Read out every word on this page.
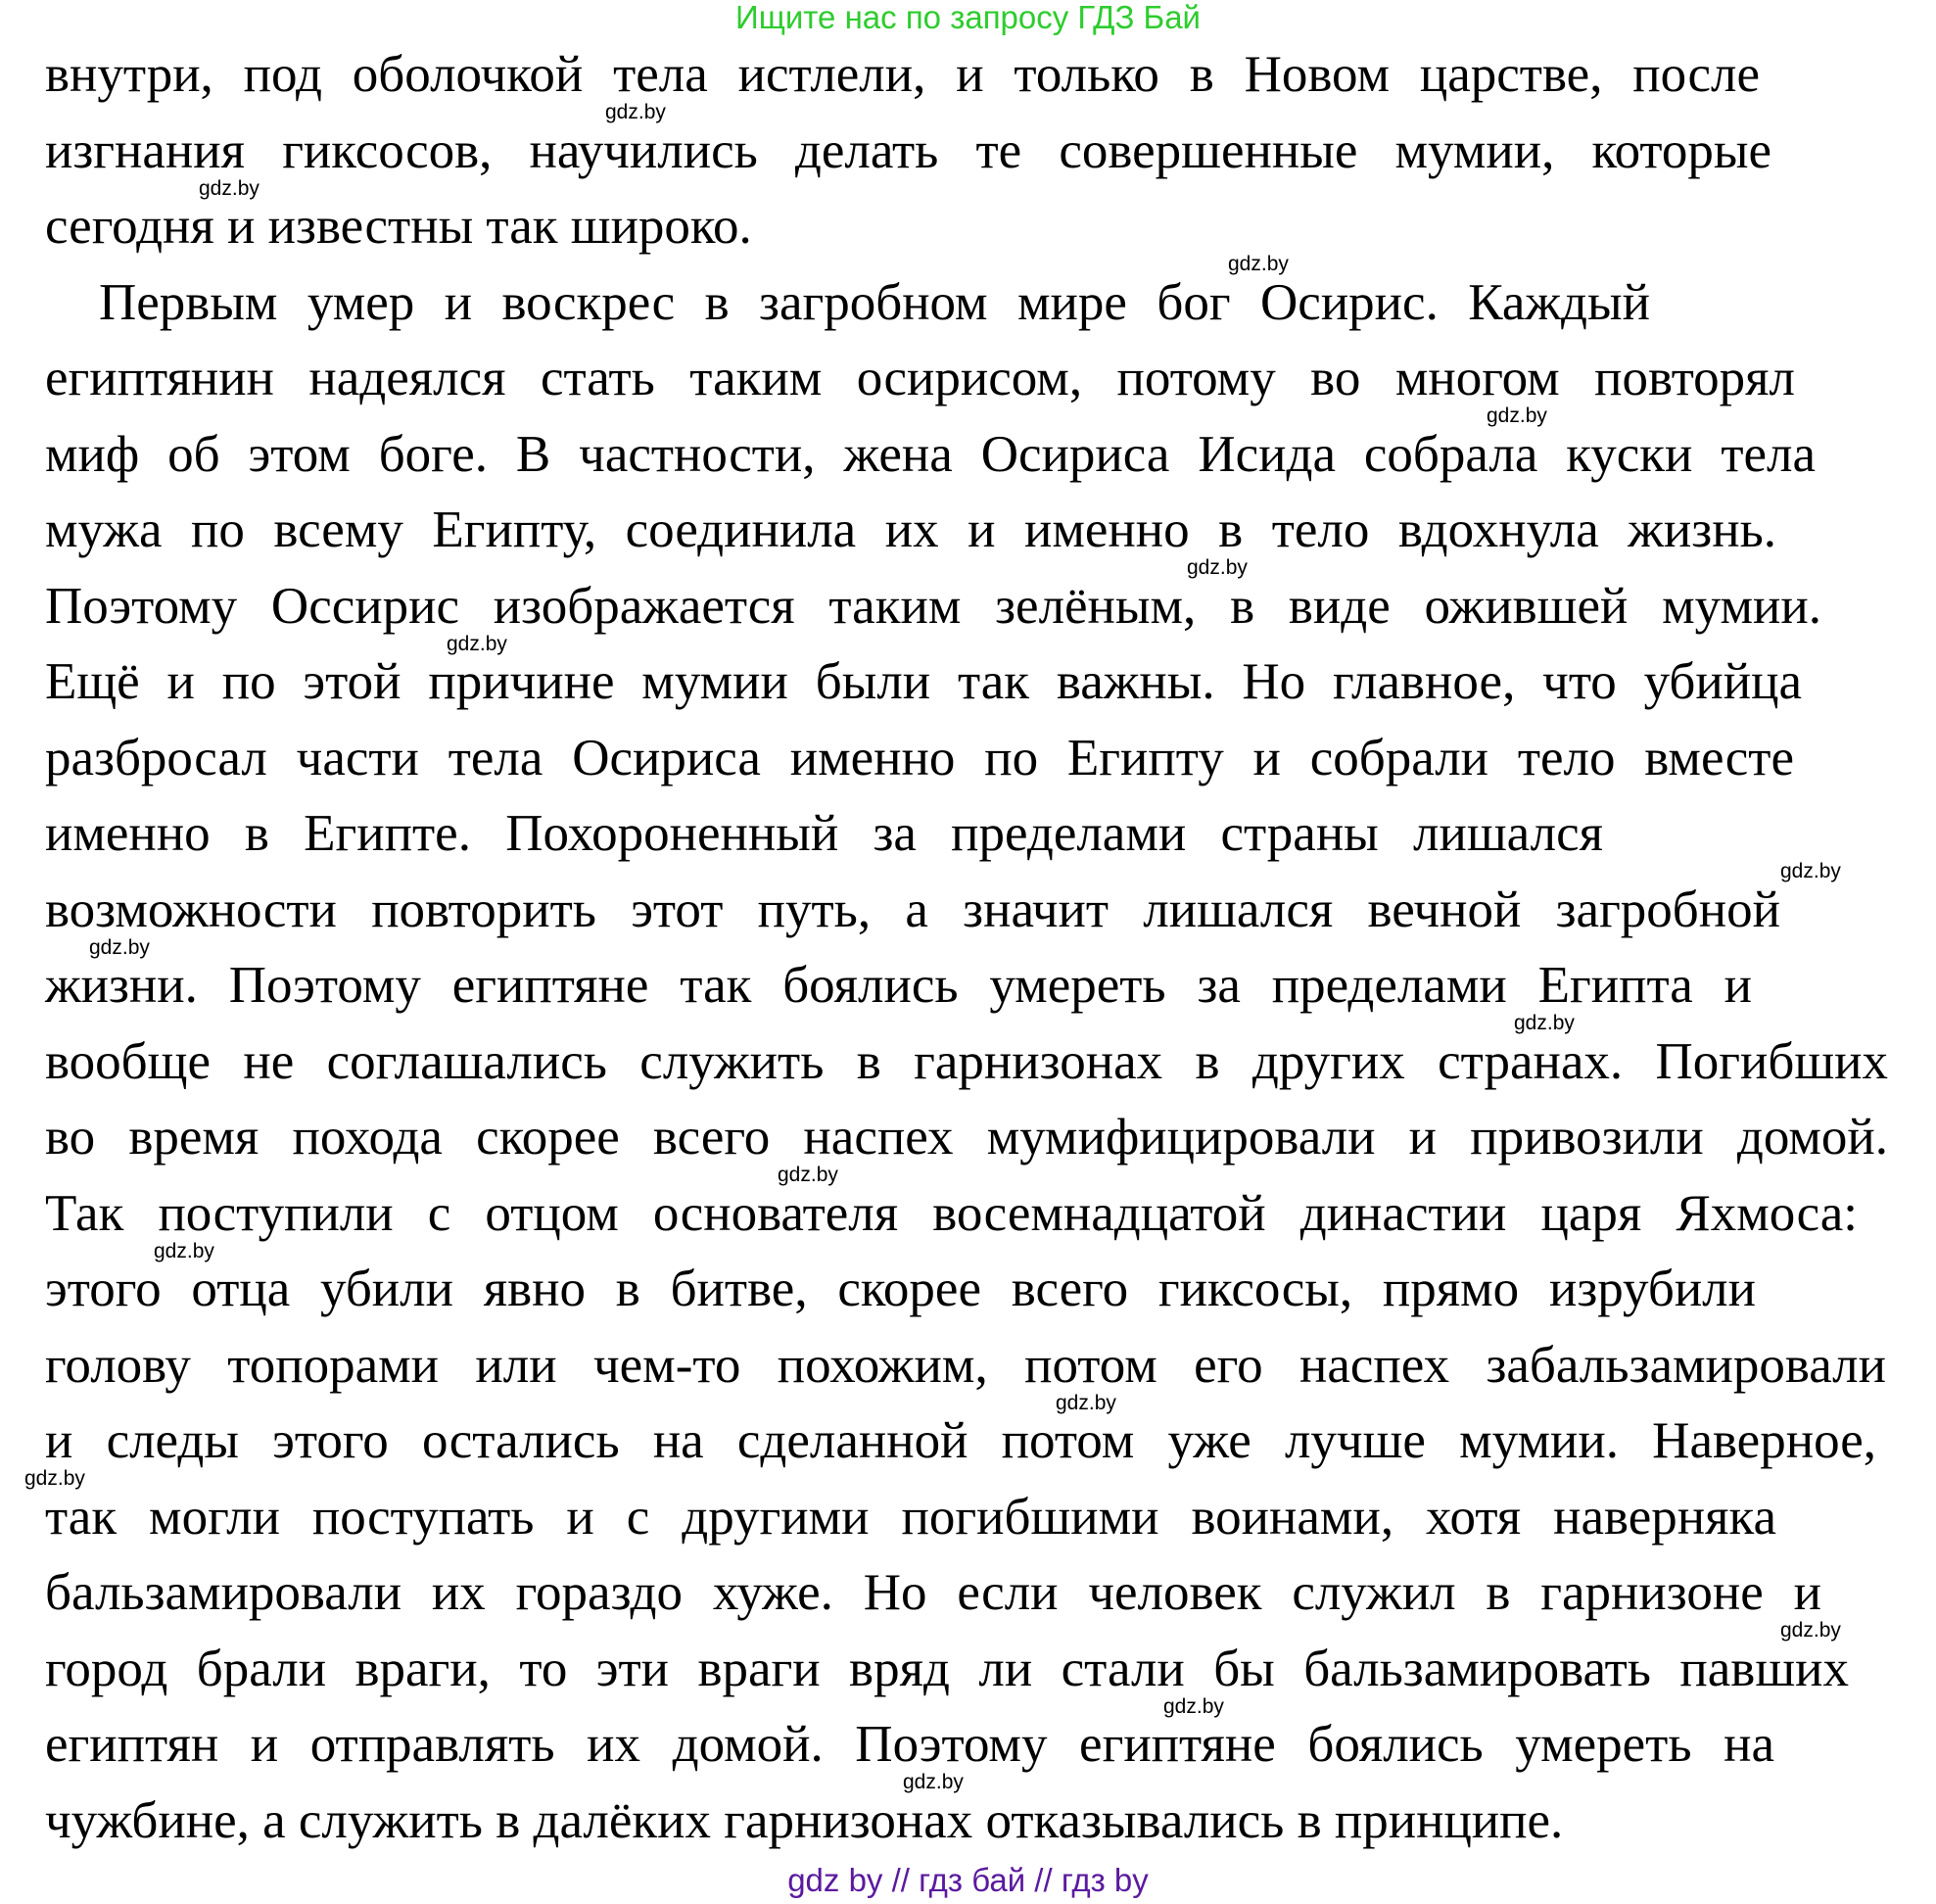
Ищите нас по запросу ГДЗ Бай
внутри, под оболочкой тела истлели, и только в Новом царстве, после
изгнания гиксосов, научились делать те совершенные мумии, которые
сегодня и известны так широко.
Первым умер и воскрес в загробном мире бог Осирис. Каждый
египтянин надеялся стать таким осирисом, потому во многом повторял
миф об этом боге. В частности, жена Осириса Исида собрала куски тела
мужа по всему Египту, соединила их и именно в тело вдохнула жизнь.
Поэтому Оссирис изображается таким зелёным, в виде ожившей мумии.
Ещё и по этой причине мумии были так важны. Но главное, что убийца
разбросал части тела Осириса именно по Египту и собрали тело вместе
именно в Египте. Похороненный за пределами страны лишался
возможности повторить этот путь, а значит лишался вечной загробной
жизни. Поэтому египтяне так боялись умереть за пределами Египта и
вообще не соглашались служить в гарнизонах в других странах. Погибших
во время похода скорее всего наспех мумифицировали и привозили домой.
Так поступили с отцом основателя восемнадцатой династии царя Яхмоса:
этого отца убили явно в битве, скорее всего гиксосы, прямо изрубили
голову топорами или чем-то похожим, потом его наспех забальзамировали
и следы этого остались на сделанной потом уже лучше мумии. Наверное,
так могли поступать и с другими погибшими воинами, хотя наверняка
бальзамировали их гораздо хуже. Но если человек служил в гарнизоне и
город брали враги, то эти враги вряд ли стали бы бальзамировать павших
египтян и отправлять их домой. Поэтому египтяне боялись умереть на
чужбине, а служить в далёких гарнизонах отказывались в принципе.
gdz.by
gdz.by
gdz.by
gdz.by
gdz.by
gdz.by
gdz.by
gdz.by
gdz.by
gdz.by
gdz.by
gdz.by
gdz.by
gdz.by
gdz.by
gdz.by
gdz by // гдз бай // гдз by
